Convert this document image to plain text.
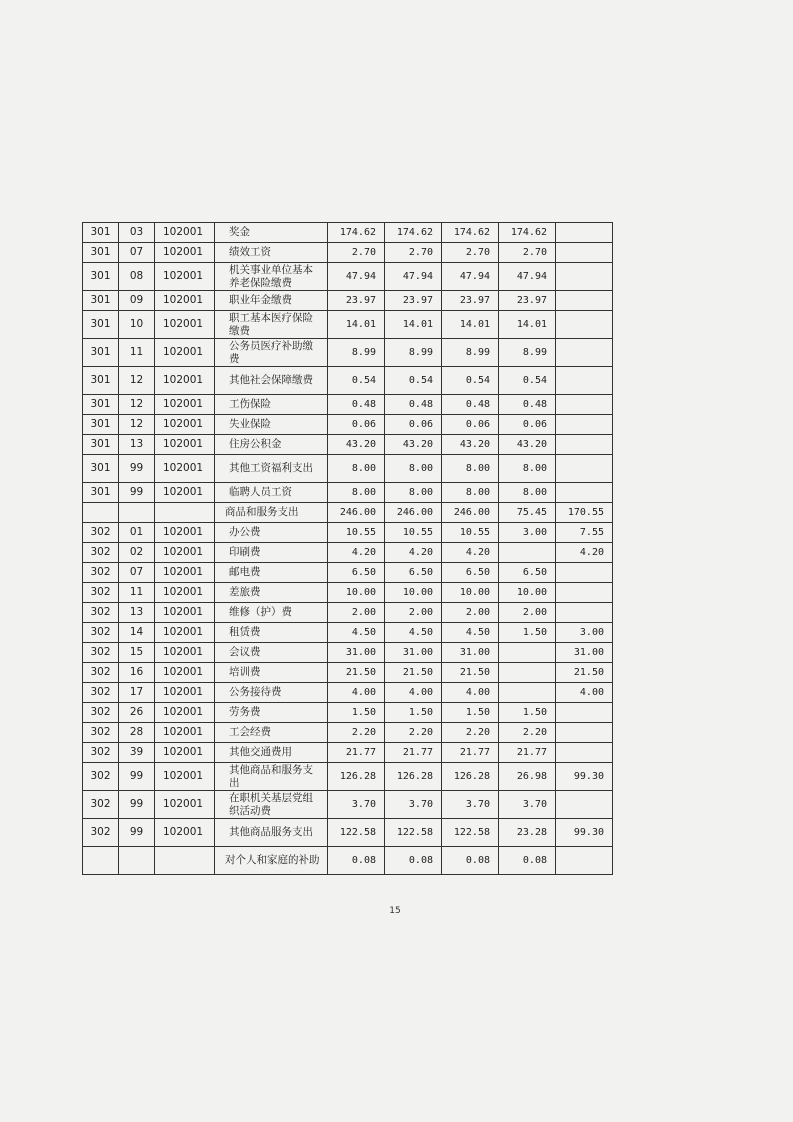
301	03	102001	奖金	174.62	174.62	174.62	174.62	
301	07	102001	绩效工资	2.70	2.70	2.70	2.70	
301	08	102001	机关事业单位基本养老保险缴费	47.94	47.94	47.94	47.94	
301	09	102001	职业年金缴费	23.97	23.97	23.97	23.97	
301	10	102001	职工基本医疗保险缴费	14.01	14.01	14.01	14.01	
301	11	102001	公务员医疗补助缴费	8.99	8.99	8.99	8.99	
301	12	102001	其他社会保障缴费	0.54	0.54	0.54	0.54	
301	12	102001	工伤保险	0.48	0.48	0.48	0.48	
301	12	102001	失业保险	0.06	0.06	0.06	0.06	
301	13	102001	住房公积金	43.20	43.20	43.20	43.20	
301	99	102001	其他工资福利支出	8.00	8.00	8.00	8.00	
301	99	102001	临聘人员工资	8.00	8.00	8.00	8.00	
			商品和服务支出	246.00	246.00	246.00	75.45	170.55
302	01	102001	办公费	10.55	10.55	10.55	3.00	7.55
302	02	102001	印刷费	4.20	4.20	4.20		4.20
302	07	102001	邮电费	6.50	6.50	6.50	6.50	
302	11	102001	差旅费	10.00	10.00	10.00	10.00	
302	13	102001	维修（护）费	2.00	2.00	2.00	2.00	
302	14	102001	租赁费	4.50	4.50	4.50	1.50	3.00
302	15	102001	会议费	31.00	31.00	31.00		31.00
302	16	102001	培训费	21.50	21.50	21.50		21.50
302	17	102001	公务接待费	4.00	4.00	4.00		4.00
302	26	102001	劳务费	1.50	1.50	1.50	1.50	
302	28	102001	工会经费	2.20	2.20	2.20	2.20	
302	39	102001	其他交通费用	21.77	21.77	21.77	21.77	
302	99	102001	其他商品和服务支出	126.28	126.28	126.28	26.98	99.30
302	99	102001	在职机关基层党组织活动费	3.70	3.70	3.70	3.70	
302	99	102001	其他商品服务支出	122.58	122.58	122.58	23.28	99.30
			对个人和家庭的补助	0.08	0.08	0.08	0.08	
15
